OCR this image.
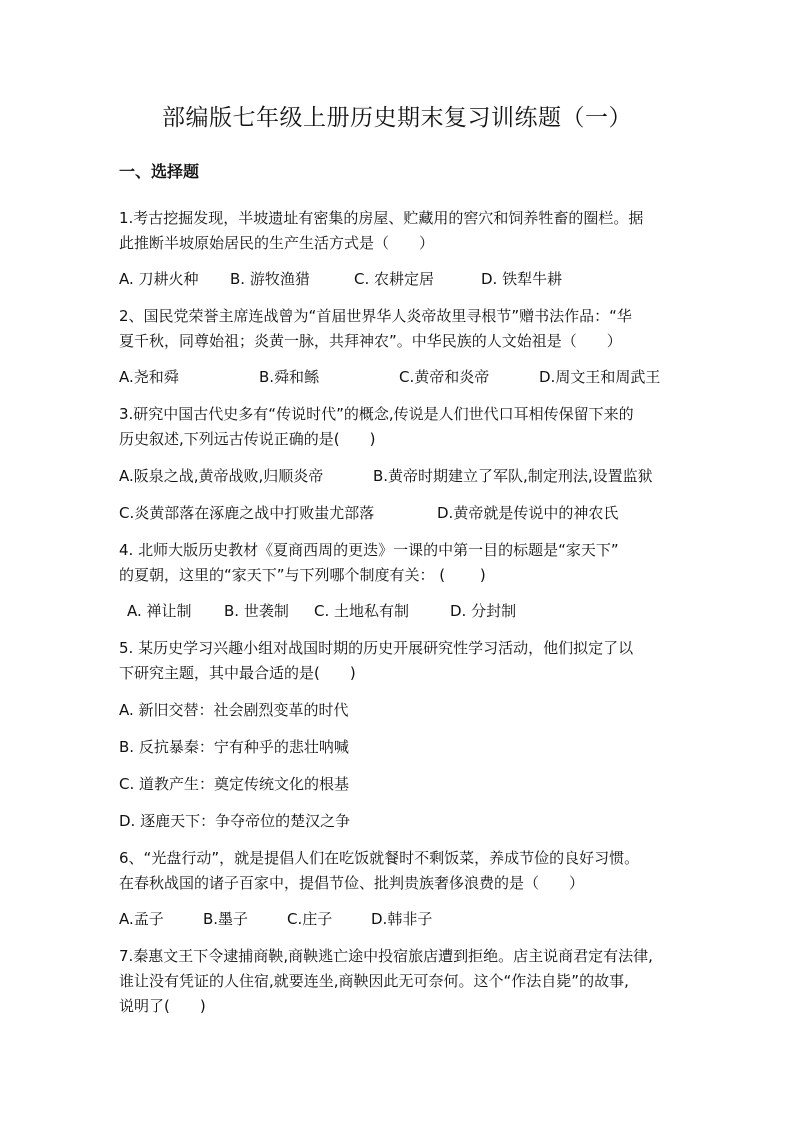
部编版七年级上册历史期末复习训练题（一）
一、选择题
1.考古挖掘发现，半坡遗址有密集的房屋、贮藏用的窖穴和饲养牲畜的圈栏。据
此推断半坡原始居民的生产生活方式是（　　）
A. 刀耕火种 B. 游牧渔猎	C. 农耕定居	D. 铁犁牛耕
2、国民党荣誉主席连战曾为“首届世界华人炎帝故里寻根节”赠书法作品：“华
夏千秋，同尊始祖；炎黄一脉，共拜神农”。中华民族的人文始祖是（　　）
A.尧和舜	B.舜和鲧	C.黄帝和炎帝	D.周文王和周武王
3.研究中国古代史多有“传说时代”的概念,传说是人们世代口耳相传保留下来的
历史叙述,下列远古传说正确的是(　　)
A.阪泉之战,黄帝战败,归顺炎帝	B.黄帝时期建立了军队,制定刑法,设置监狱
C.炎黄部落在涿鹿之战中打败蚩尤部落	D.黄帝就是传说中的神农氏
4. 北师大版历史教材《夏商西周的更迭》一课的中第一目的标题是“家天下”
的夏朝，这里的“家天下”与下列哪个制度有关： (　　 )
A. 禅让制 B. 世袭制 C. 土地私有制	D. 分封制
5. 某历史学习兴趣小组对战国时期的历史开展研究性学习活动，他们拟定了以
下研究主题，其中最合适的是(　　)
A. 新旧交替：社会剧烈变革的时代
B. 反抗暴秦：宁有种乎的悲壮呐喊
C. 道教产生：奠定传统文化的根基
D. 逐鹿天下：争夺帝位的楚汉之争
6、“光盘行动”，就是提倡人们在吃饭就餐时不剩饭菜，养成节俭的良好习惯。
在春秋战国的诸子百家中，提倡节俭、批判贵族奢侈浪费的是（　　）
A.孟子	B.墨子	C.庄子	D.韩非子
7.秦惠文王下令逮捕商鞅,商鞅逃亡途中投宿旅店遭到拒绝。店主说商君定有法律,
谁让没有凭证的人住宿,就要连坐,商鞅因此无可奈何。这个“作法自毙”的故事,
说明了(　　)
